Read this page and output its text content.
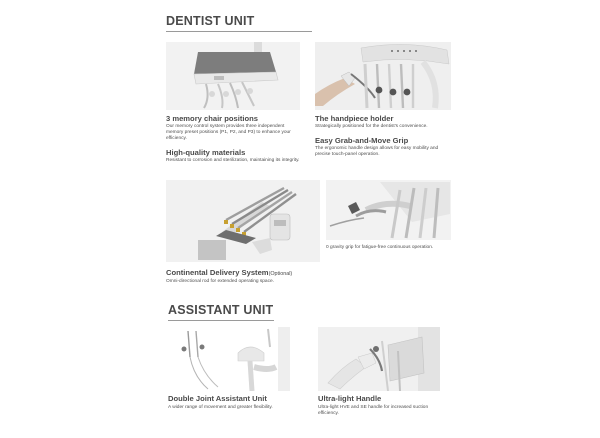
DENTIST UNIT
3 memory chair positions
Our memory control system provides three independent memory preset positions (P1, P2, and P3) to enhance your efficiency.
High-quality materials
Resistant to corrosion and sterilization, maintaining its integrity.
The handpiece holder
Strategically positioned for the dentist's convenience.
Easy Grab-and-Move Grip
The ergonomic handle design allows for easy mobility and precise touch-panel operation.
Continental Delivery System(Optional)
Omni-directional rod for extended operating space.
0 gravity grip for fatigue-free continuous operation.
ASSISTANT UNIT
Double Joint Assistant Unit
A wider range of movement and greater flexibility.
Ultra-light Handle
Ultra-light HVE and SE handle for increased suction efficiency.
